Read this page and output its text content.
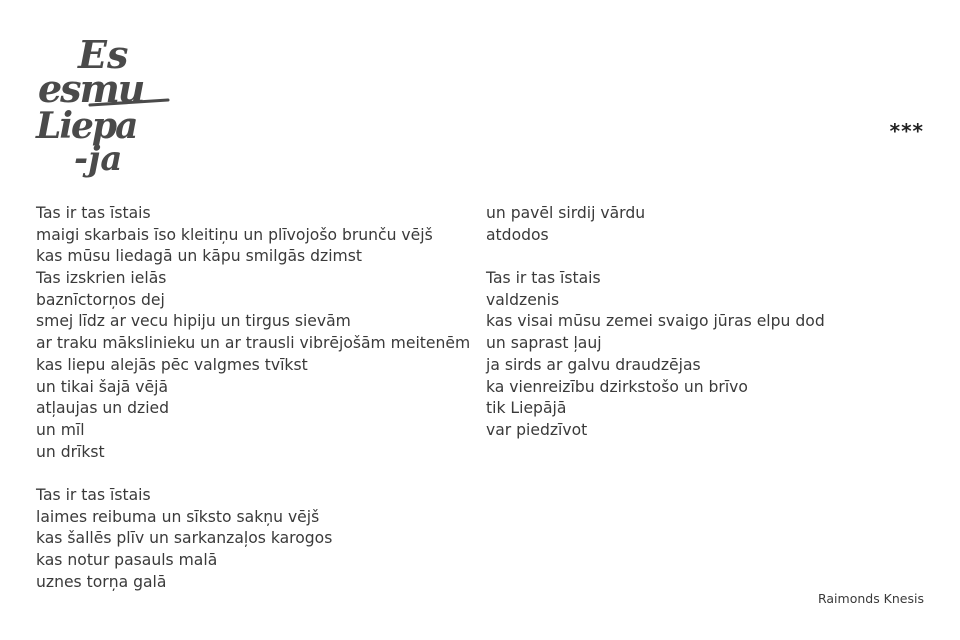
Es
esmu
Liepa
-ja
***
Tas ir tas īstais
maigi skarbais īso kleitiņu un plīvojošo brunču vējš
kas mūsu liedagā un kāpu smilgās dzimst
Tas izskrien ielās
baznīctorņos dej
smej līdz ar vecu hipiju un tirgus sievām
ar traku mākslinieku un ar trausli vibrējošām meitenēm
kas liepu alejās pēc valgmes tvīkst
un tikai šajā vējā
atļaujas un dzied
un mīl
un drīkst
Tas ir tas īstais
laimes reibuma un sīksto sakņu vējš
kas šallēs plīv un sarkanzaļos karogos
kas notur pasauls malā
uznes torņa galā
un pavēl sirdij vārdu
atdodos
Tas ir tas īstais
valdzenis
kas visai mūsu zemei svaigo jūras elpu dod
un saprast ļauj
ja sirds ar galvu draudzējas
ka vienreizību dzirkstošo un brīvo
tik Liepājā
var piedzīvot
Raimonds Knesis
